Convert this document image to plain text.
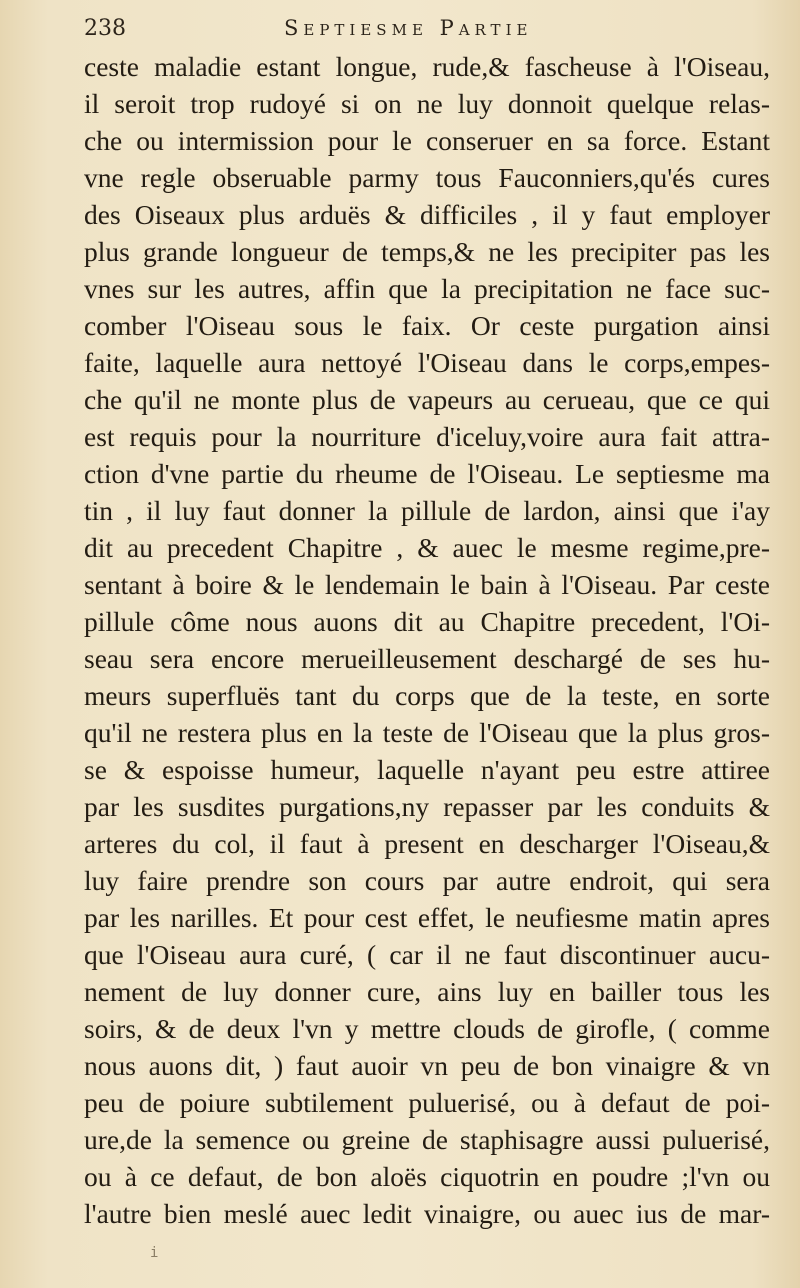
238	Septiesme Partie
ceste maladie estant longue, rude,& fascheuse à l'Oiseau,
il seroit trop rudoyé si on ne luy donnoit quelque relas-
che ou intermission pour le conseruer en sa force. Estant
vne regle obseruable parmy tous Fauconniers,qu'és cures
des Oiseaux plus arduës & difficiles , il y faut employer
plus grande longueur de temps,& ne les precipiter pas les
vnes sur les autres, affin que la precipitation ne face suc-
comber l'Oiseau sous le faix. Or ceste purgation ainsi
faite, laquelle aura nettoyé l'Oiseau dans le corps,empes-
che qu'il ne monte plus de vapeurs au cerueau, que ce qui
est requis pour la nourriture d'iceluy,voire aura fait attra-
ction d'vne partie du rheume de l'Oiseau. Le septiesme ma
tin , il luy faut donner la pillule de lardon, ainsi que i'ay
dit au precedent Chapitre , & auec le mesme regime,pre-
sentant à boire & le lendemain le bain à l'Oiseau. Par ceste
pillule côme nous auons dit au Chapitre precedent, l'Oi-
seau sera encore merueilleusement deschargé de ses hu-
meurs superfluës tant du corps que de la teste, en sorte
qu'il ne restera plus en la teste de l'Oiseau que la plus gros-
se & espoisse humeur, laquelle n'ayant peu estre attiree
par les susdites purgations,ny repasser par les conduits &
arteres du col, il faut à present en descharger l'Oiseau,&
luy faire prendre son cours par autre endroit, qui sera
par les narilles. Et pour cest effet, le neufiesme matin apres
que l'Oiseau aura curé, ( car il ne faut discontinuer aucu-
nement de luy donner cure, ains luy en bailler tous les
soirs, & de deux l'vn y mettre clouds de girofle, ( comme
nous auons dit, ) faut auoir vn peu de bon vinaigre & vn
peu de poiure subtilement puluerisé, ou à defaut de poi-
ure,de la semence ou greine de staphisagre aussi puluerisé,
ou à ce defaut, de bon aloës ciquotrin en poudre ;l'vn ou
l'autre bien meslé auec ledit vinaigre, ou auec ius de mar-
i
